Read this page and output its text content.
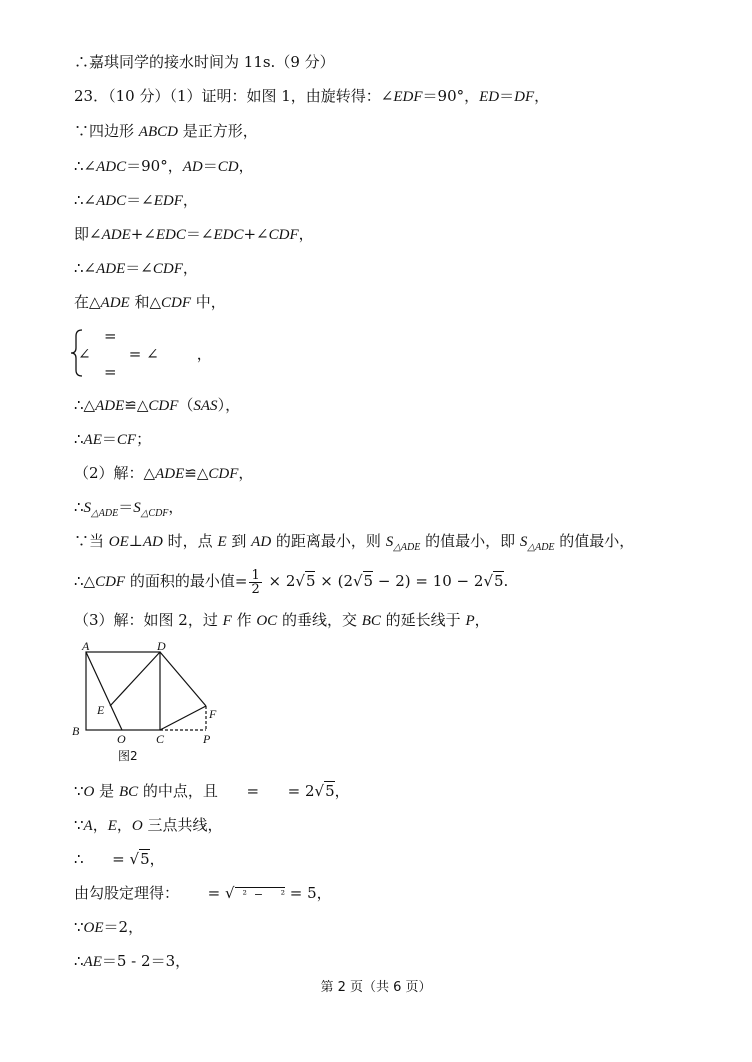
∴嘉琪同学的接水时间为 11s.（9 分）
23．（10 分）（1）证明：如图 1，由旋转得：∠EDF＝90°，ED＝DF，
∵四边形 ABCD 是正方形，
∴∠ADC＝90°，AD＝CD，
∴∠ADC＝∠EDF，
即∠ADE+∠EDC＝∠EDC+∠CDF，
∴∠ADE＝∠CDF，
在△ADE 和△CDF 中，
=
∠	= ∠	，
=
∴△ADE≌△CDF（SAS），
∴AE＝CF；
（2）解：△ADE≌△CDF，
$\therefore S_{\triangle ADE}=S_{\triangle CDF}$，
∵当 OE⊥AD 时，点 E 到 AD 的距离最小，则 $S_{\triangle ADE}$ 的值最小，即 $S_{\triangle ADE}$ 的值最小，
∴△CDF 的面积的最小值= $\frac{1}{2} \times 2√5 \times (2√5 - 2) = 10 - 2√5$.
（3）解：如图 2，过 F 作 OC 的垂线，交 BC 的延长线于 P，
A	D
E	F
B
O	C	P
图2
∵O 是 BC 的中点，且      =      = 2√5，
∵A，E，O 三点共线，
∴      = √5，
由勾股定理得：      = √  ²  −     ² = 5，
∵OE＝2，
∴AE＝5 - 2＝3，
第 2 页（共 6 页）
